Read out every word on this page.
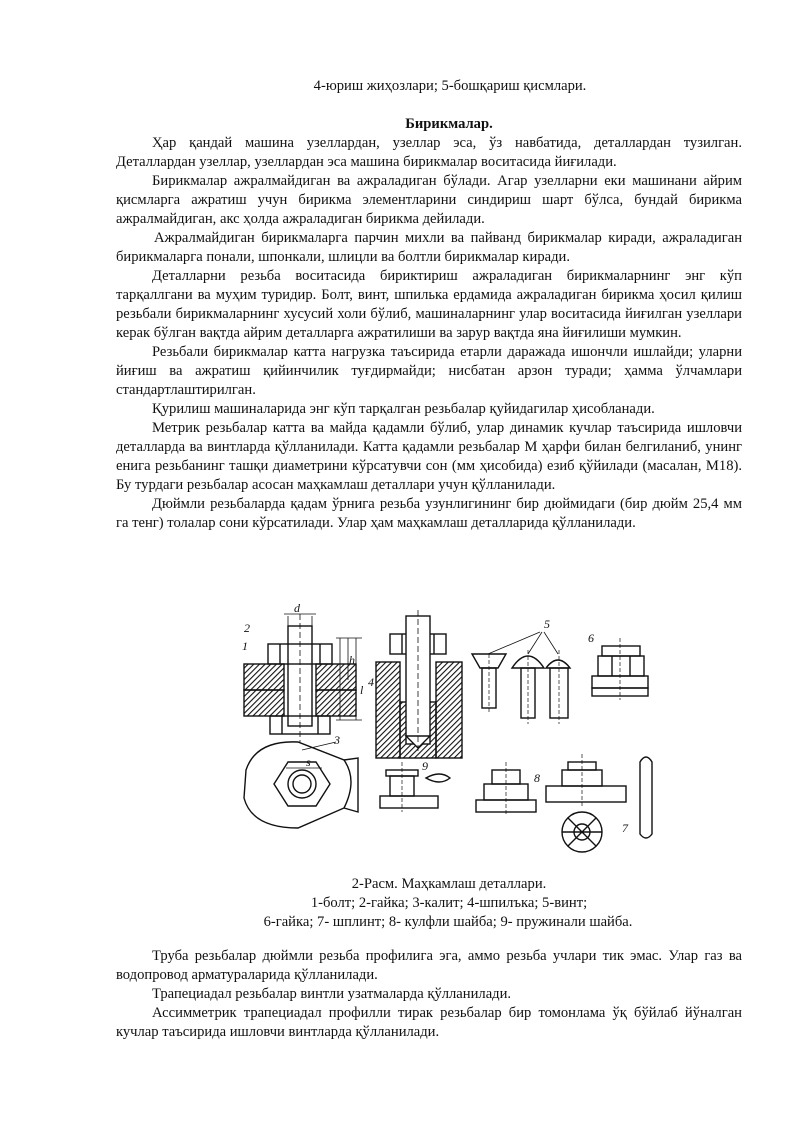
4-юриш жиҳозлари; 5-бошқариш қисмлари.

Бирикмалар.

Ҳар қандай машина узеллардан, узеллар эса, ўз навбатида, деталлардан тузилган. Деталлардан узеллар, узеллардан эса машина бирикмалар воситасида йиғилади.

Бирикмалар ажралмайдиган ва ажраладиган бўлади. Агар узелларни еки машинани айрим қисмларга ажратиш учун бирикма элементларини синдириш шарт бўлса, бундай бирикма ажралмайдиган, акс ҳолда ажраладиган бирикма дейилади.

Ажралмайдиган бирикмаларга парчин михли ва пайванд бирикмалар киради, ажраладиган бирикмаларга понали, шпонкали, шлицли ва болтли бирикмалар киради.

Деталларни резьба воситасида бириктириш ажраладиган бирикмаларнинг энг кўп тарқаллгани ва муҳим туридир. Болт, винт, шпилька ердамида ажраладиган бирикма ҳосил қилиш резьбали бирикмаларнинг хусусий холи бўлиб, машиналарнинг улар воситасида йиғилган узеллари керак бўлган вақтда айрим деталларга ажратилиши ва зарур вақтда яна йиғилиши мумкин.

Резьбали бирикмалар катта нагрузка таъсирида етарли даражада ишончли ишлайди; уларни йиғиш ва ажратиш қийинчилик туғдирмайди; нисбатан арзон туради; ҳамма ўлчамлари стандартлаштирилган.

Қурилиш машиналарида энг кўп тарқалган резьбалар қуйидагилар ҳисобланади.

Метрик резьбалар катта ва майда қадамли бўлиб, улар динамик кучлар таъсирида ишловчи деталларда ва винтларда қўлланилади. Катта қадамли резьбалар М ҳарфи билан белгиланиб, унинг енига резьбанинг ташқи диаметрини кўрсатувчи сон (мм ҳисобида) езиб қўйилади (масалан, М18). Бу турдаги резьбалар асосан маҳкамлаш деталлари учун қўлланилади.

Дюймли резьбаларда қадам ўрнига резьба узунлигининг бир дюймидаги (бир дюйм 25,4 мм га тенг) толалар сони кўрсатилади. Улар ҳам маҳкамлаш деталларида қўлланилади.

d
2
1
h
l
5
6
4
3
s	9
8
7
2-Расм. Маҳкамлаш деталлари.
1-болт; 2-гайка; 3-калит; 4-шпилъка; 5-винт;
6-гайка; 7- шплинт; 8- кулфли шайба; 9- пружинали шайба.

Труба резьбалар дюймли резьба профилига эга, аммо резьба учлари тик эмас. Улар газ ва водопровод арматураларида қўлланилади.

Трапециадал резьбалар винтли узатмаларда қўлланилади.

Ассимметрик трапециадал профилли тирак резьбалар бир томонлама ўқ бўйлаб йўналган кучлар таъсирида ишловчи винтларда қўлланилади.
